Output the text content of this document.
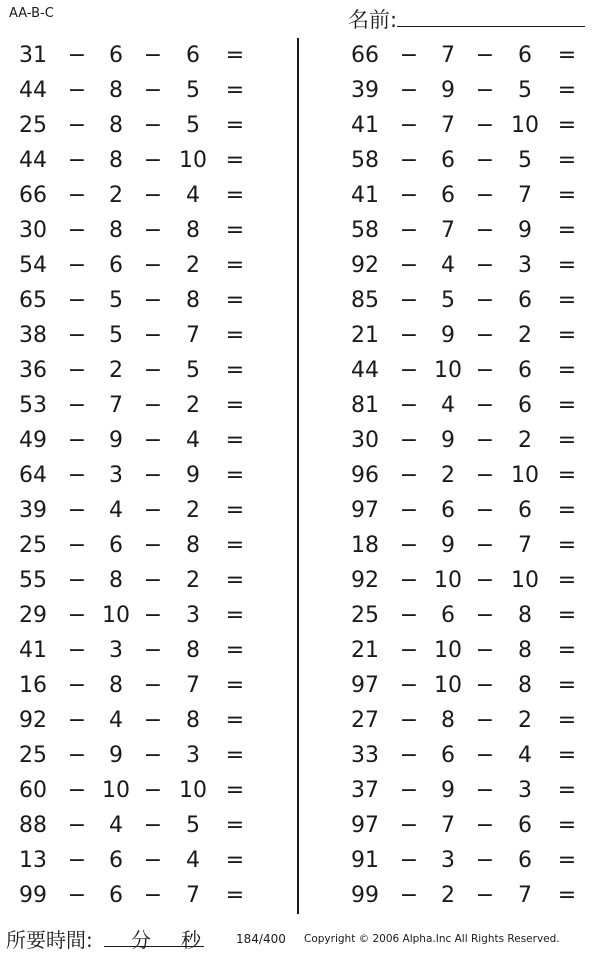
AA-B-C	名前:
31 −	6 −	6	=
44 −	8 −	5	=
25 −	8 −	5	=
44 −	8 − 10 =
66 −	2 −	4	=
30 −	8 −	8	=
54 −	6 −	2	=
65 −	5 −	8	=
38 −	5 −	7	=
36 −	2 −	5	=
53 −	7 −	2	=
49 −	9 −	4	=
64 −	3 −	9	=
39 −	4 −	2	=
25 −	6 −	8	=
55 −	8 −	2	=
29 − 10 −	3	=
41 −	3 −	8	=
16 −	8 −	7	=
92 −	4 −	8	=
25 −	9 −	3	=
60 − 10 − 10 =
88 −	4 −	5	=
13 −	6 −	4	=
99 −	6 −	7	=
66 −	7 −	6	=
39 −	9 −	5	=
41 −	7 − 10 =
58 −	6 −	5	=
41 −	6 −	7	=
58 −	7 −	9	=
92 −	4 −	3	=
85 −	5 −	6	=
21 −	9 −	2	=
44 − 10 −	6	=
81 −	4 −	6	=
30 −	9 −	2	=
96 −	2 − 10 =
97 −	6 −	6	=
18 −	9 −	7	=
92 − 10 − 10 =
25 −	6 −	8	=
21 − 10 −	8	=
97 − 10 −	8	=
27 −	8 −	2	=
33 −	6 −	4	=
37 −	9 −	3	=
97 −	7 −	6	=
91 −	3 −	6	=
99 −	2 −	7	=
所要時間: 分 秒	184/400 Copyright © 2006 Alpha.Inc All Rights Reserved.
